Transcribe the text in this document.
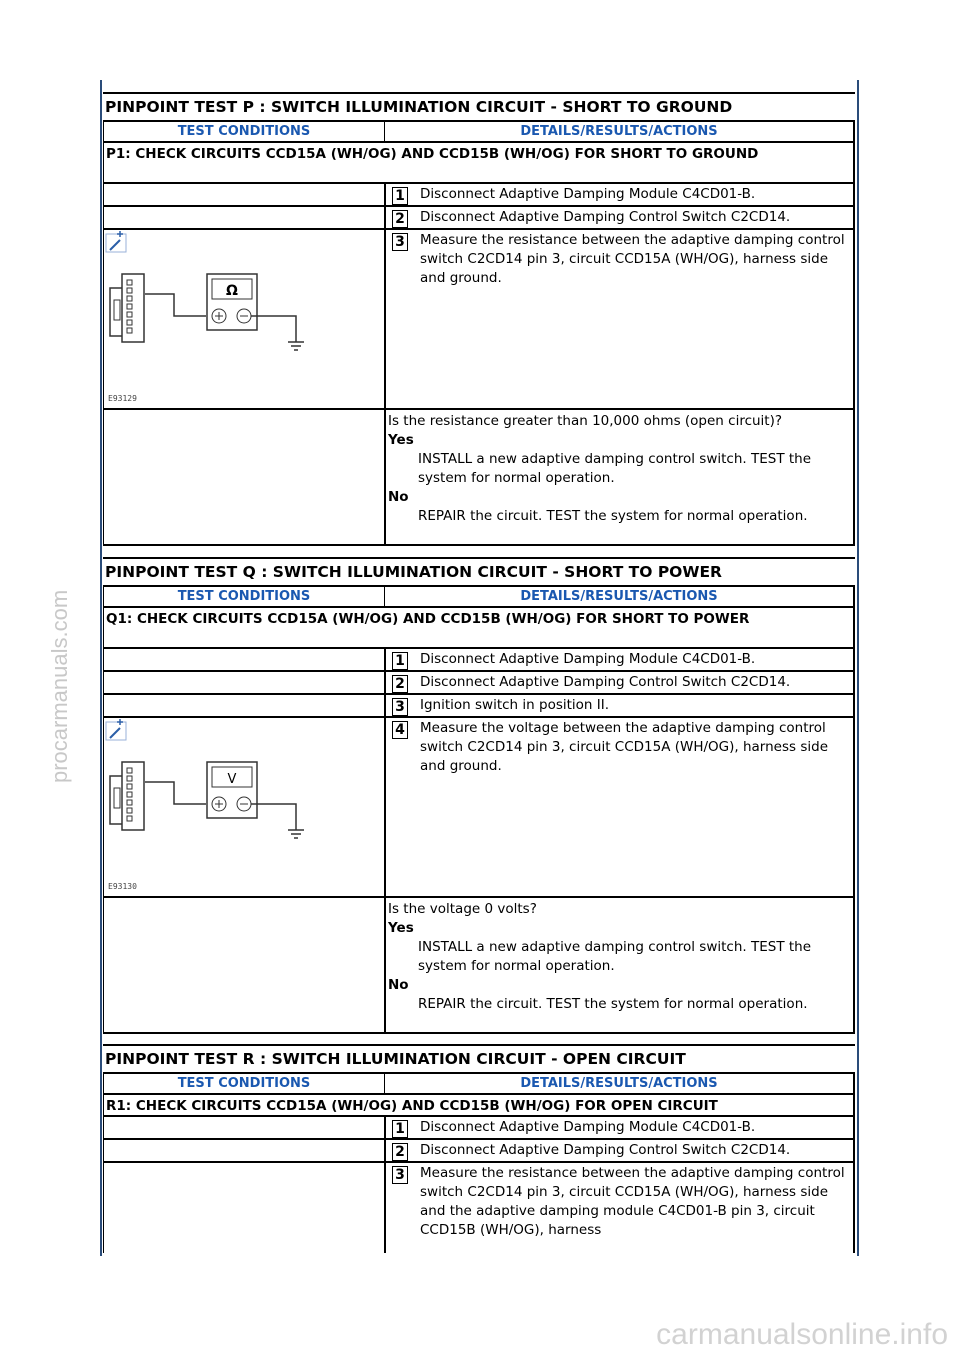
procarmanuals.com
carmanualsonline.info
PINPOINT TEST P : SWITCH ILLUMINATION CIRCUIT - SHORT TO GROUND
TEST CONDITIONS	DETAILS/RESULTS/ACTIONS
P1: CHECK CIRCUITS CCD15A (WH/OG) AND CCD15B (WH/OG) FOR SHORT TO GROUND
1	Disconnect Adaptive Damping Module C4CD01-B.
2	Disconnect Adaptive Damping Control Switch C2CD14.
Ω
E93129
3	Measure the resistance between the adaptive damping control switch C2CD14 pin 3, circuit CCD15A (WH/OG), harness side and ground.
Is the resistance greater than 10,000 ohms (open circuit)?
Yes
INSTALL a new adaptive damping control switch. TEST the system for normal operation.
No
REPAIR the circuit. TEST the system for normal operation.
PINPOINT TEST Q : SWITCH ILLUMINATION CIRCUIT - SHORT TO POWER
TEST CONDITIONS	DETAILS/RESULTS/ACTIONS
Q1: CHECK CIRCUITS CCD15A (WH/OG) AND CCD15B (WH/OG) FOR SHORT TO POWER
1	Disconnect Adaptive Damping Module C4CD01-B.
2	Disconnect Adaptive Damping Control Switch C2CD14.
3	Ignition switch in position II.
V
E93130
4	Measure the voltage between the adaptive damping control switch C2CD14 pin 3, circuit CCD15A (WH/OG), harness side and ground.
Is the voltage 0 volts?
Yes
INSTALL a new adaptive damping control switch. TEST the system for normal operation.
No
REPAIR the circuit. TEST the system for normal operation.
PINPOINT TEST R : SWITCH ILLUMINATION CIRCUIT - OPEN CIRCUIT
TEST CONDITIONS	DETAILS/RESULTS/ACTIONS
R1: CHECK CIRCUITS CCD15A (WH/OG) AND CCD15B (WH/OG) FOR OPEN CIRCUIT
1	Disconnect Adaptive Damping Module C4CD01-B.
2	Disconnect Adaptive Damping Control Switch C2CD14.
3	Measure the resistance between the adaptive damping control switch C2CD14 pin 3, circuit CCD15A (WH/OG), harness side and the adaptive damping module C4CD01-B pin 3, circuit CCD15B (WH/OG), harness
